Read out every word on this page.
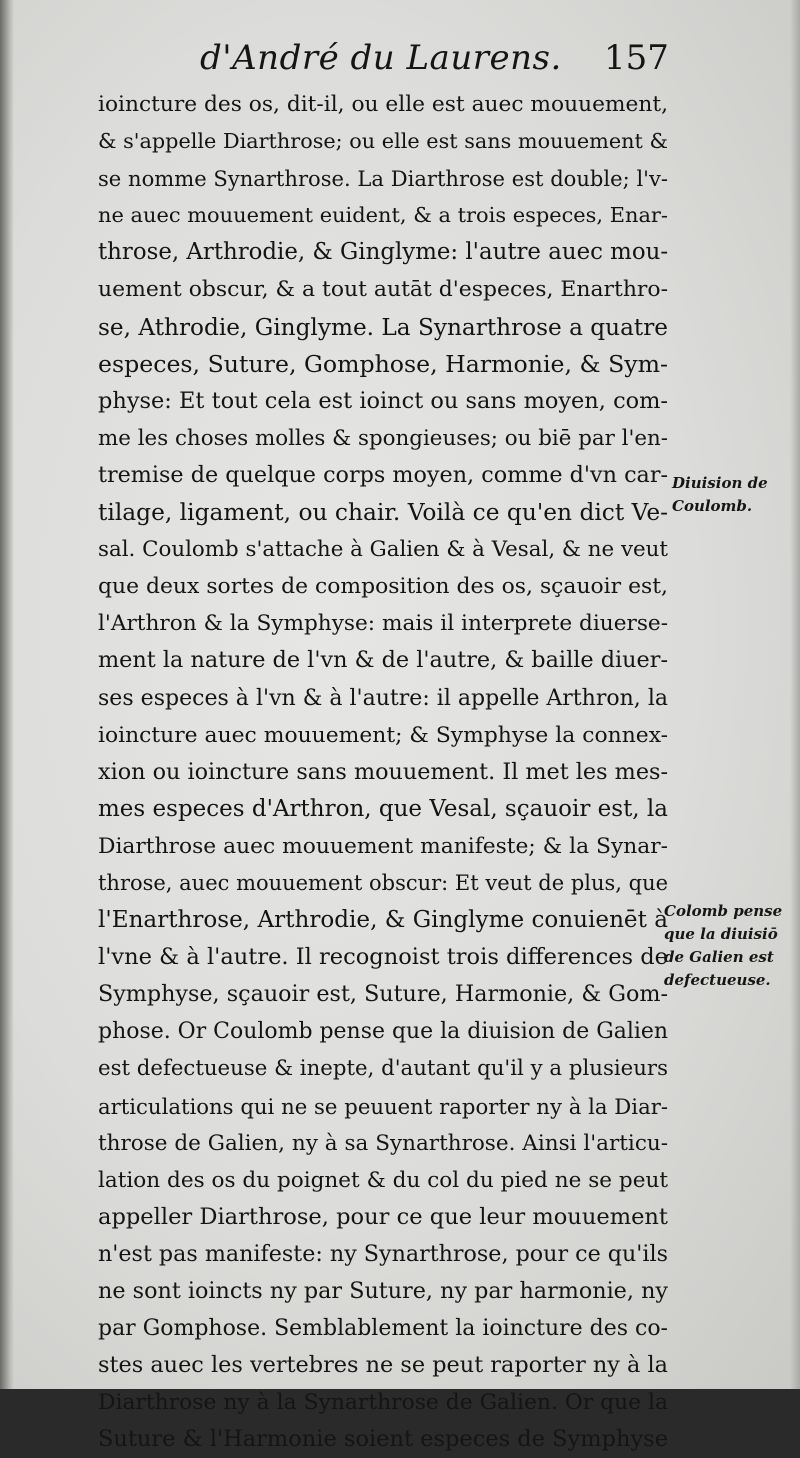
d'André du Laurens. 157
ioincture des os, dit-il, ou elle est auec mouuement,
& s'appelle Diarthrose; ou elle est sans mouuement &
se nomme Synarthrose. La Diarthrose est double; l'v-
ne auec mouuement euident, & a trois especes, Enar-
throse, Arthrodie, & Ginglyme: l'autre auec mou-
uement obscur, & a tout autāt d'especes, Enarthro-
se, Athrodie, Ginglyme. La Synarthrose a quatre
especes, Suture, Gomphose, Harmonie, & Sym-
physe: Et tout cela est ioinct ou sans moyen, com-
me les choses molles & spongieuses; ou biē par l'en-
tremise de quelque corps moyen, comme d'vn car-
tilage, ligament, ou chair. Voilà ce qu'en dict Ve-
sal. Coulomb s'attache à Galien & à Vesal, & ne veut
que deux sortes de composition des os, sçauoir est,
l'Arthron & la Symphyse: mais il interprete diuerse-
ment la nature de l'vn & de l'autre, & baille diuer-
ses especes à l'vn & à l'autre: il appelle Arthron, la
ioincture auec mouuement; & Symphyse la connex-
xion ou ioincture sans mouuement. Il met les mes-
mes especes d'Arthron, que Vesal, sçauoir est, la
Diarthrose auec mouuement manifeste; & la Synar-
throse, auec mouuement obscur: Et veut de plus, que
l'Enarthrose, Arthrodie, & Ginglyme conuienēt à
l'vne & à l'autre. Il recognoist trois differences de
Symphyse, sçauoir est, Suture, Harmonie, & Gom-
phose. Or Coulomb pense que la diuision de Galien
est defectueuse & inepte, d'autant qu'il y a plusieurs
articulations qui ne se peuuent raporter ny à la Diar-
throse de Galien, ny à sa Synarthrose. Ainsi l'articu-
lation des os du poignet & du col du pied ne se peut
appeller Diarthrose, pour ce que leur mouuement
n'est pas manifeste: ny Synarthrose, pour ce qu'ils
ne sont ioincts ny par Suture, ny par harmonie, ny
par Gomphose. Semblablement la ioincture des co-
stes auec les vertebres ne se peut raporter ny à la
Diarthrose ny à la Synarthrose de Galien. Or que la
Suture & l'Harmonie soient especes de Symphyse
Diuision de
Coulomb.
Colomb pense
que la diuisiō
de Galien est
defectueuse.
